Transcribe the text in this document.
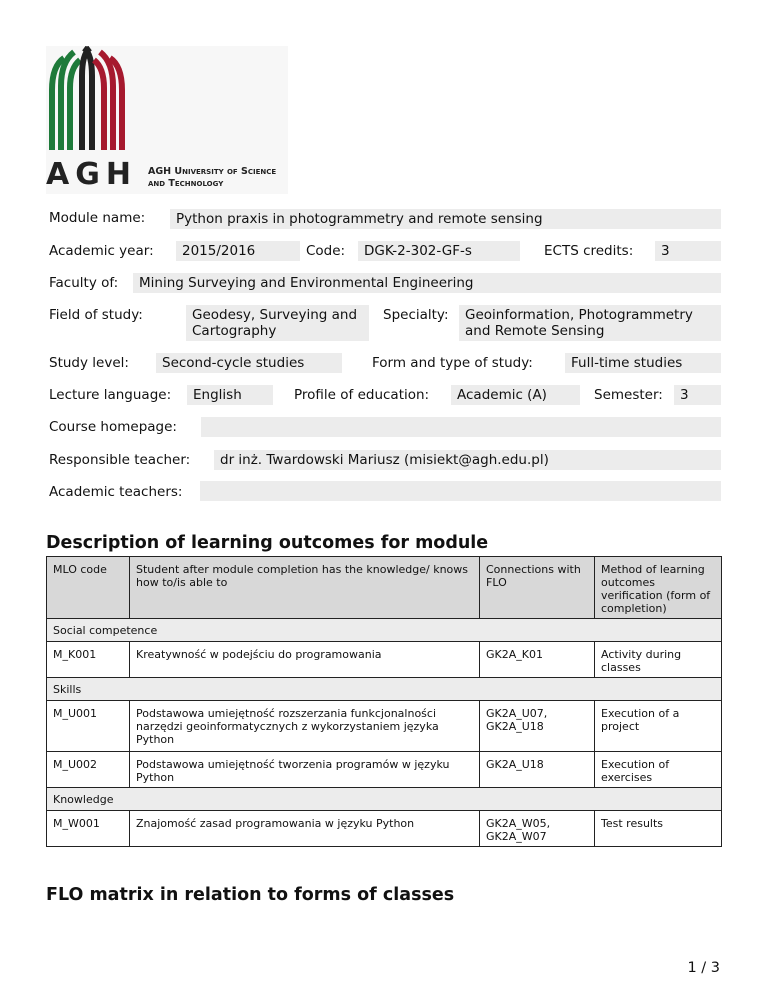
AGH AGH University of Science
and Technology
Module name:	Python praxis in photogrammetry and remote sensing
Academic year:	2015/2016	Code:	DGK-2-302-GF-s	ECTS credits:	3
Faculty of:	Mining Surveying and Environmental Engineering
Field of study:	Geodesy, Surveying and Cartography
Specialty:	Geoinformation, Photogrammetry and Remote Sensing
Study level:	Second-cycle studies	Form and type of study:	Full-time studies
Lecture language:	English	Profile of education:	Academic (A)	Semester:	3
Course homepage:
Responsible teacher:	dr inż. Twardowski Mariusz (misiekt@agh.edu.pl)
Academic teachers:
Description of learning outcomes for module
MLO code	Student after module completion has the knowledge/ knows how to/is able to	Connections with FLO	Method of learning outcomes verification (form of completion)
Social competence			
M_K001	Kreatywność w podejściu do programowania	GK2A_K01	Activity during classes
Skills			
M_U001	Podstawowa umiejętność rozszerzania funkcjonalności narzędzi geoinformatycznych z wykorzystaniem języka Python	GK2A_U07, GK2A_U18	Execution of a project
M_U002	Podstawowa umiejętność tworzenia programów w języku Python	GK2A_U18	Execution of exercises
Knowledge			
M_W001	Znajomość zasad programowania w języku Python	GK2A_W05, GK2A_W07	Test results
FLO matrix in relation to forms of classes
1 / 3
